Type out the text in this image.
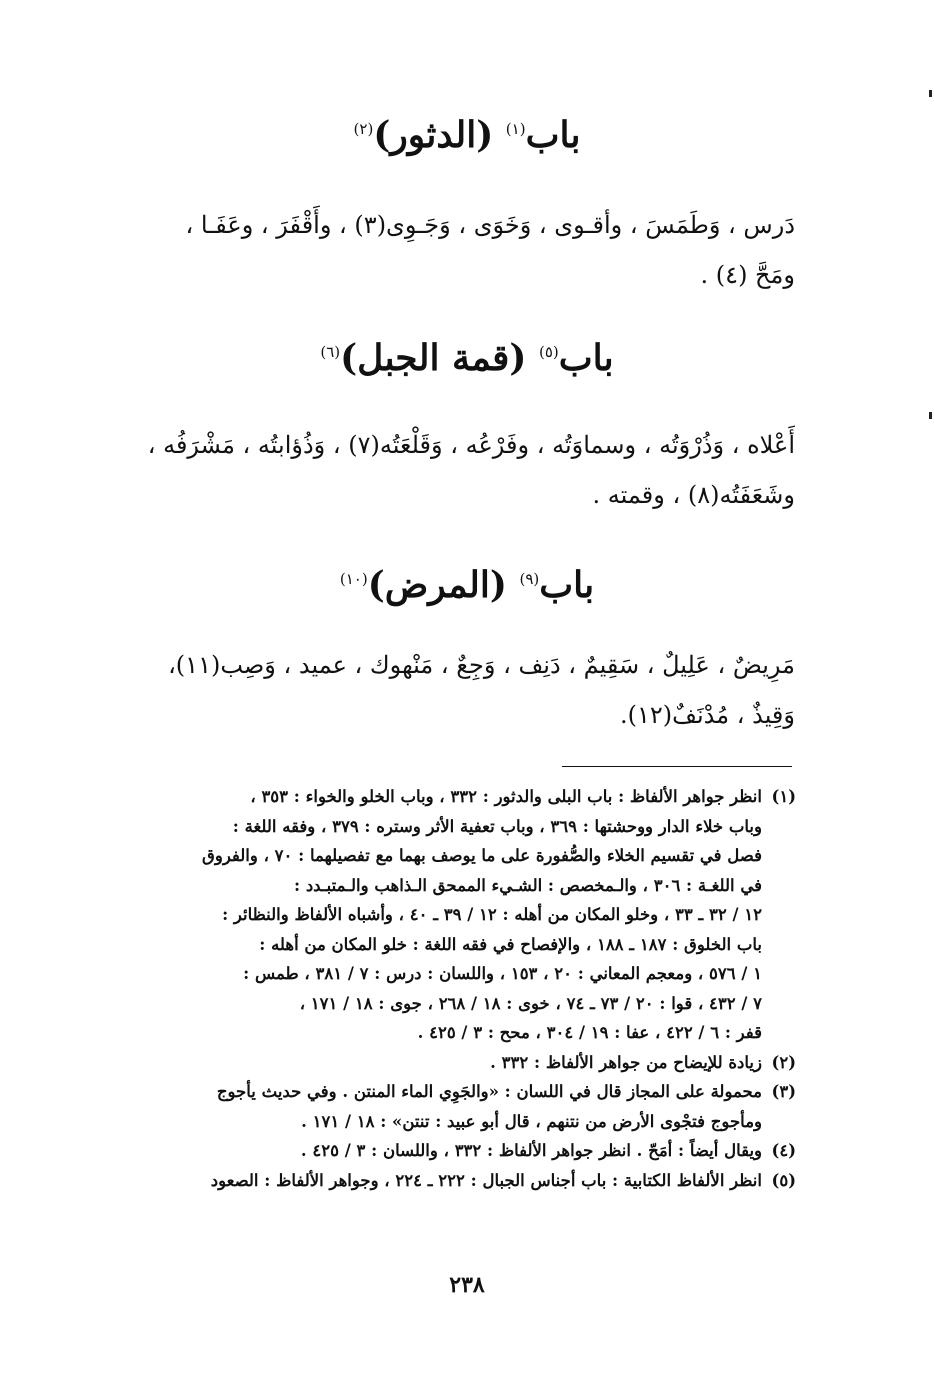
باب$^{(١)}$ (الدثور)$^{(٢)}$
دَرس ، وَطَمَسَ ، وأقـوى ، وَخَوَى ، وَجَـوِى(٣) ، وأَقْفَرَ ، وعَفَـا ،
ومَحَّ (٤) .
باب$^{(٥)}$ (قمة الجبل)$^{(٦)}$
أَعْلاه ، وَذُرْوَتُه ، وسماوَتُه ، وفَرْعُه ، وَقَلْعَتُه(٧) ، وَذُؤابتُه ، مَشْرَفُه ،
وشَعَفَتُه(٨) ، وقمته .
باب$^{(٩)}$ (المرض)$^{(١٠)}$
مَرِيضٌ ، عَلِيلٌ ، سَقِيمٌ ، دَنِف ، وَجِعٌ ، مَنْهوك ، عميد ، وَصِب(١١)،
وَقِيذٌ ، مُدْنَفٌ(١٢).
(١)
انظر جواهر الألفاظ : باب البلى والدثور : ٣٣٢ ، وباب الخلو والخواء : ٣٥٣ ،
وباب خلاء الدار ووحشتها : ٣٦٩ ، وباب تعفية الأثر وستره : ٣٧٩ ، وفقه اللغة :
فصل في تقسيم الخلاء والصُّفورة على ما يوصف بهما مع تفصيلهما : ٧٠ ، والفروق
في اللغـة : ٣٠٦ ، والـمخصص : الشـيء الممحق الـذاهب والـمتبـدد :
١٢ / ٣٢ ـ ٣٣ ، وخلو المكان من أهله : ١٢ / ٣٩ ـ ٤٠ ، وأشباه الألفاظ والنظائر :
باب الخلوق : ١٨٧ ـ ١٨٨ ، والإفصاح في فقه اللغة : خلو المكان من أهله :
١ / ٥٧٦ ، ومعجم المعاني : ٢٠ ، ١٥٣ ، واللسان : درس : ٧ / ٣٨١ ، طمس :
٧ / ٤٣٢ ، قوا : ٢٠ / ٧٣ ـ ٧٤ ، خوى : ١٨ / ٢٦٨ ، جوى : ١٨ / ١٧١ ،
قفر : ٦ / ٤٢٢ ، عفا : ١٩ / ٣٠٤ ، محح : ٣ / ٤٢٥ .
(٢)
زيادة للإيضاح من جواهر الألفاظ : ٣٣٢ .
(٣)
محمولة على المجاز قال في اللسان : «والجَوِي الماء المنتن . وفي حديث يأجوج
ومأجوج فتجْوى الأرض من نتنهم ، قال أبو عبيد : تنتن» : ١٨ / ١٧١ .
(٤)
ويقال أيضاً : أمَحّ . انظر جواهر الألفاظ : ٣٣٢ ، واللسان : ٣ / ٤٢٥ .
(٥)
انظر الألفاظ الكتابية : باب أجناس الجبال : ٢٢٢ ـ ٢٢٤ ، وجواهر الألفاظ : الصعود
٢٣٨
